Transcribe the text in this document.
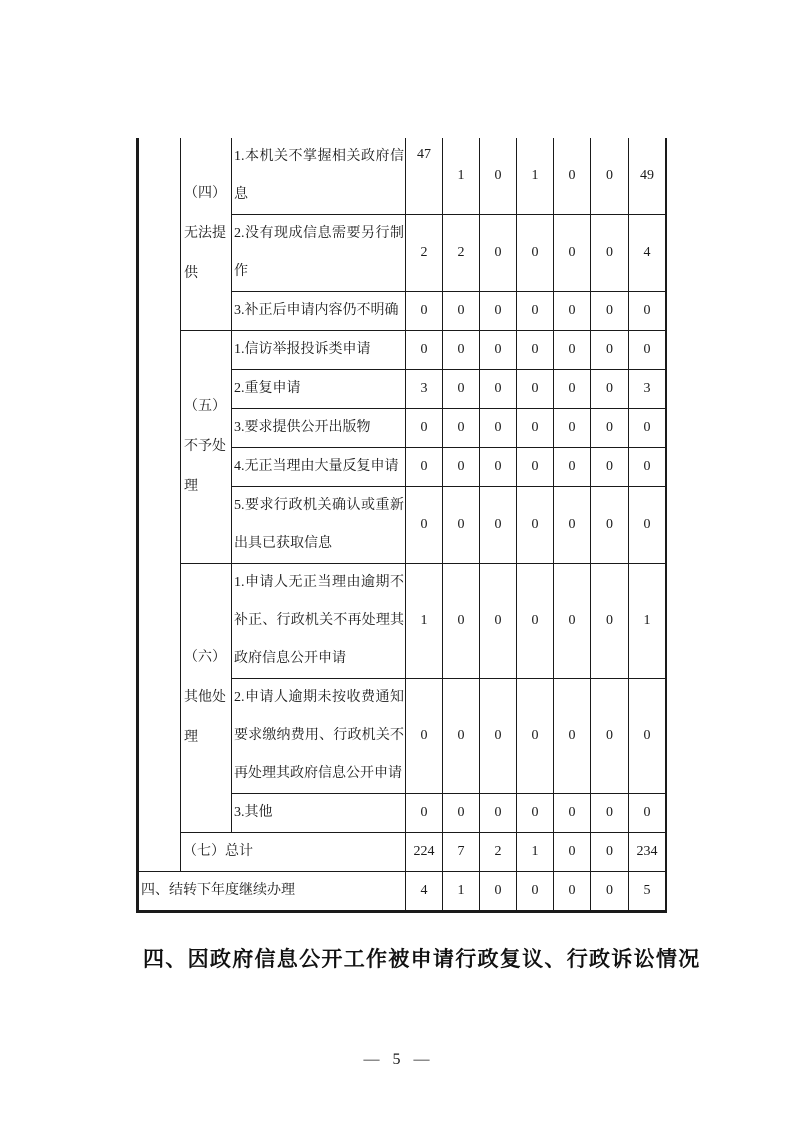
	（四）无法提供	1.本机关不掌握相关政府信息	47	1	0	1	0	0	49
		2.没有现成信息需要另行制作	2	2	0	0	0	0	4
		3.补正后申请内容仍不明确	0	0	0	0	0	0	0

	（五）不予处理	1.信访举报投诉类申请	0	0	0	0	0	0	0
		2.重复申请	3	0	0	0	0	0	3
		3.要求提供公开出版物	0	0	0	0	0	0	0
		4.无正当理由大量反复申请	0	0	0	0	0	0	0
		5.要求行政机关确认或重新出具已获取信息	0	0	0	0	0	0	0

	（六）其他处理	1.申请人无正当理由逾期不补正、行政机关不再处理其政府信息公开申请	1	0	0	0	0	0	1
		2.申请人逾期未按收费通知要求缴纳费用、行政机关不再处理其政府信息公开申请	0	0	0	0	0	0	0
		3.其他	0	0	0	0	0	0	0
	（七）总计		224	7	2	1	0	0	234
四、结转下年度继续办理			4	1	0	0	0	0	5
四、因政府信息公开工作被申请行政复议、行政诉讼情况
— 5 —
